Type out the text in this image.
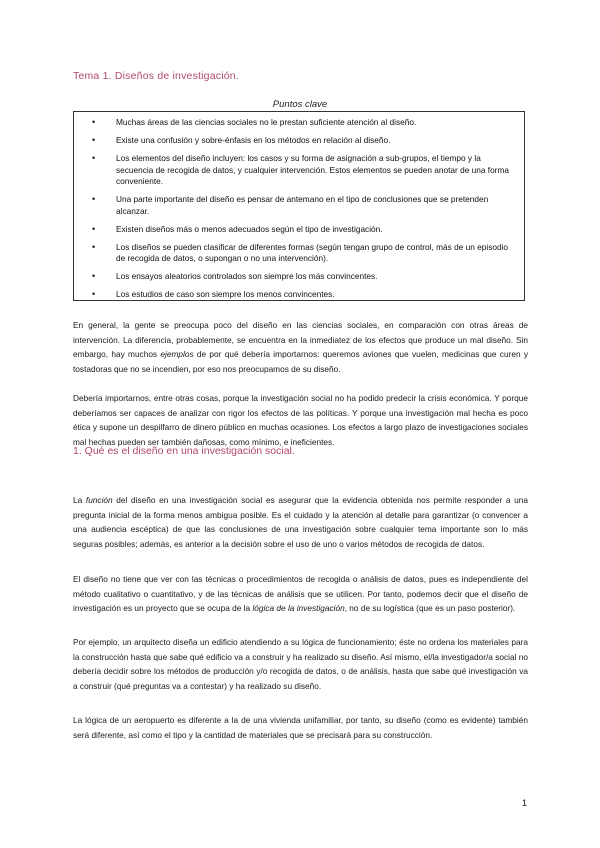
Tema 1. Diseños de investigación.
Puntos clave
• Muchas áreas de las ciencias sociales no le prestan suficiente atención al diseño.
• Existe una confusión y sobre-énfasis en los métodos en relación al diseño.
• Los elementos del diseño incluyen: los casos y su forma de asignación a sub-grupos, el tiempo y la secuencia de recogida de datos, y cualquier intervención. Estos elementos se pueden anotar de una forma conveniente.
• Una parte importante del diseño es pensar de antemano en el tipo de conclusiones que se pretenden alcanzar.
• Existen diseños más o menos adecuados según el tipo de investigación.
• Los diseños se pueden clasificar de diferentes formas (según tengan grupo de control, más de un episodio de recogida de datos, o supongan o no una intervención).
• Los ensayos aleatorios controlados son siempre los más convincentes.
• Los estudios de caso son siempre los menos convincentes.

En general, la gente se preocupa poco del diseño en las ciencias sociales, en comparación con otras áreas de intervención. La diferencia, probablemente, se encuentra en la inmediatez de los efectos que produce un mal diseño. Sin embargo, hay muchos ejemplos de por qué debería importarnos: queremos aviones que vuelen, medicinas que curen y tostadoras que no se incendien, por eso nos preocupamos de su diseño.

Debería importarnos, entre otras cosas, porque la investigación social no ha podido predecir la crisis económica. Y porque deberíamos ser capaces de analizar con rigor los efectos de las políticas. Y porque una investigación mal hecha es poco ética y supone un despilfarro de dinero público en muchas ocasiones. Los efectos a largo plazo de investigaciones sociales mal hechas pueden ser también dañosas, como mínimo, e ineficientes.

1. Qué es el diseño en una investigación social.

La función del diseño en una investigación social es asegurar que la evidencia obtenida nos permite responder a una pregunta inicial de la forma menos ambigua posible. Es el cuidado y la atención al detalle para garantizar (o convencer a una audiencia escéptica) de que las conclusiones de una investigación sobre cualquier tema importante son lo más seguras posibles; además, es anterior a la decisión sobre el uso de uno o varios métodos de recogida de datos.

El diseño no tiene que ver con las técnicas o procedimientos de recogida o análisis de datos, pues es independiente del método cualitativo o cuantitativo, y de las técnicas de análisis que se utilicen. Por tanto, podemos decir que el diseño de investigación es un proyecto que se ocupa de la lógica de la investigación, no de su logística (que es un paso posterior).

Por ejemplo, un arquitecto diseña un edificio atendiendo a su lógica de funcionamiento; éste no ordena los materiales para la construcción hasta que sabe qué edificio va a construir y ha realizado su diseño. Así mismo, el/la investigador/a social no debería decidir sobre los métodos de producción y/o recogida de datos, o de análisis, hasta que sabe qué investigación va a construir (qué preguntas va a contestar) y ha realizado su diseño.

La lógica de un aeropuerto es diferente a la de una vivienda unifamiliar, por tanto, su diseño (como es evidente) también será diferente, así como el tipo y la cantidad de materiales que se precisará para su construcción.

1
